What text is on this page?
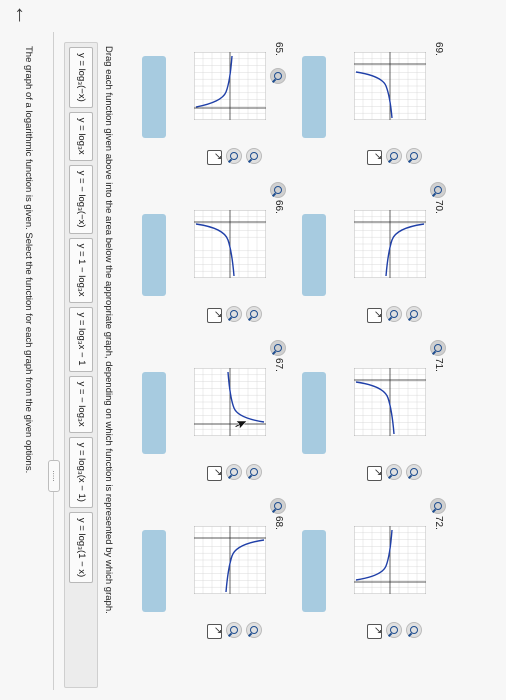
←
The graph of a logarithmic function is given. Select the function for each graph from the given options.
.....
y = log₃(−x)
y = log₃x
y = − log₃(−x)
y = 1 − log₃x
y = log₃x − 1
y = − log₃x
y = log₃(x − 1)
y = log₃(1 − x)	Drag each function given above into the area below the appropriate graph, depending on which function is represented by which graph.	65.
↗
66.
↗
67.
↗
68.
↗
69.
↗
70.
↗
71.
↗
72.
↗
